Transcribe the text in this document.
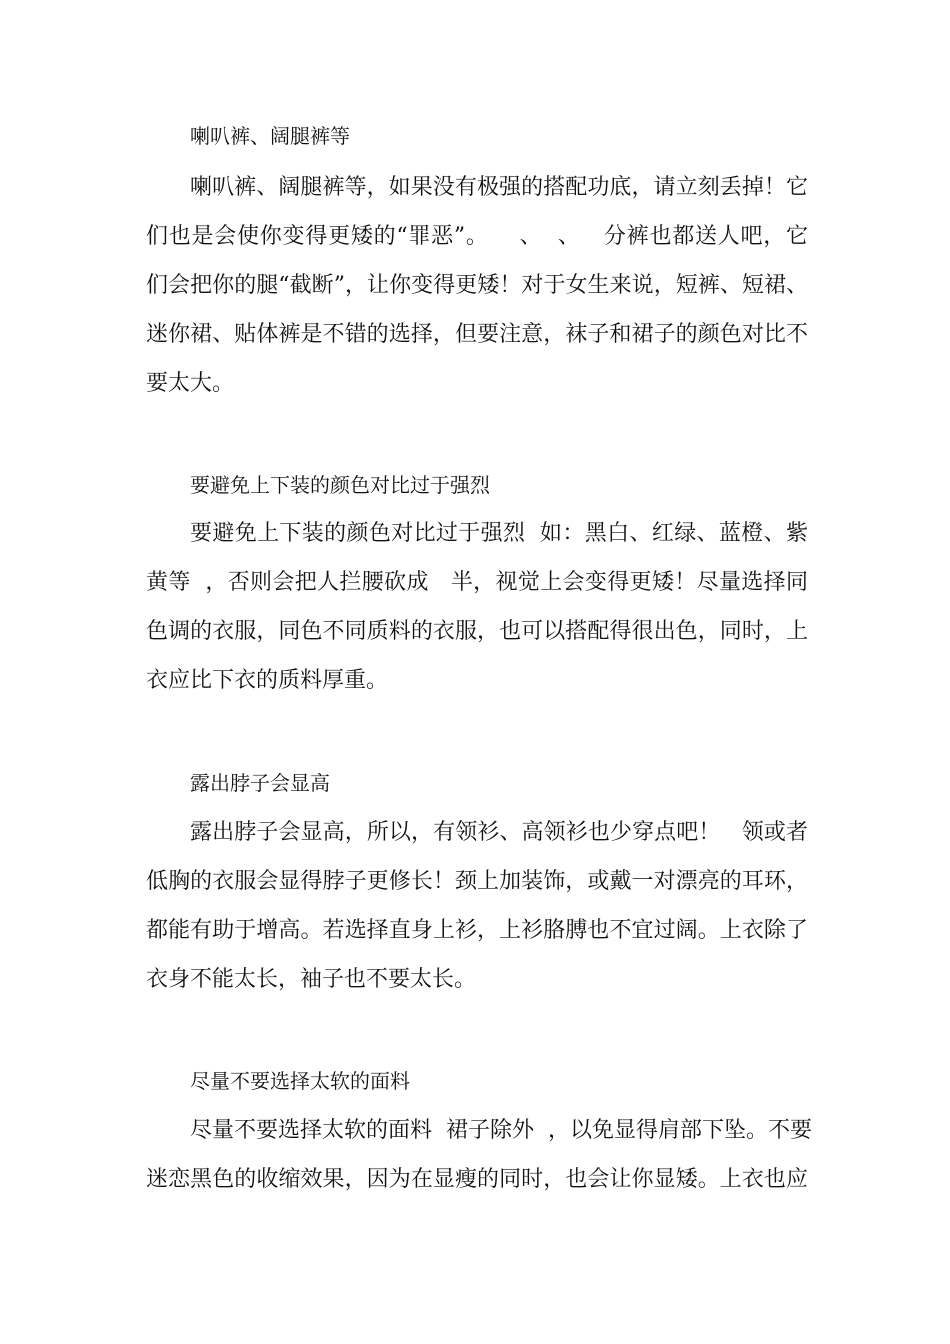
喇叭裤、阔腿裤等
喇叭裤、阔腿裤等，如果没有极强的搭配功底，请立刻丢掉！它
们也是会使你变得更矮的“罪恶”。    、  、   分裤也都送人吧，它
们会把你的腿“截断”，让你变得更矮！对于女生来说，短裤、短裙、
迷你裙、贴体裤是不错的选择，但要注意，袜子和裙子的颜色对比不
要太大。
要避免上下装的颜色对比过于强烈
要避免上下装的颜色对比过于强烈  如：黑白、红绿、蓝橙、紫
黄等  ，否则会把人拦腰砍成   半，视觉上会变得更矮！尽量选择同
色调的衣服，同色不同质料的衣服，也可以搭配得很出色，同时，上
衣应比下衣的质料厚重。
露出脖子会显高
露出脖子会显高，所以，有领衫、高领衫也少穿点吧！   领或者
低胸的衣服会显得脖子更修长！颈上加装饰，或戴一对漂亮的耳环，
都能有助于增高。若选择直身上衫，上衫胳膊也不宜过阔。上衣除了
衣身不能太长，袖子也不要太长。
尽量不要选择太软的面料
尽量不要选择太软的面料  裙子除外  ，以免显得肩部下坠。不要
迷恋黑色的收缩效果，因为在显瘦的同时，也会让你显矮。上衣也应
